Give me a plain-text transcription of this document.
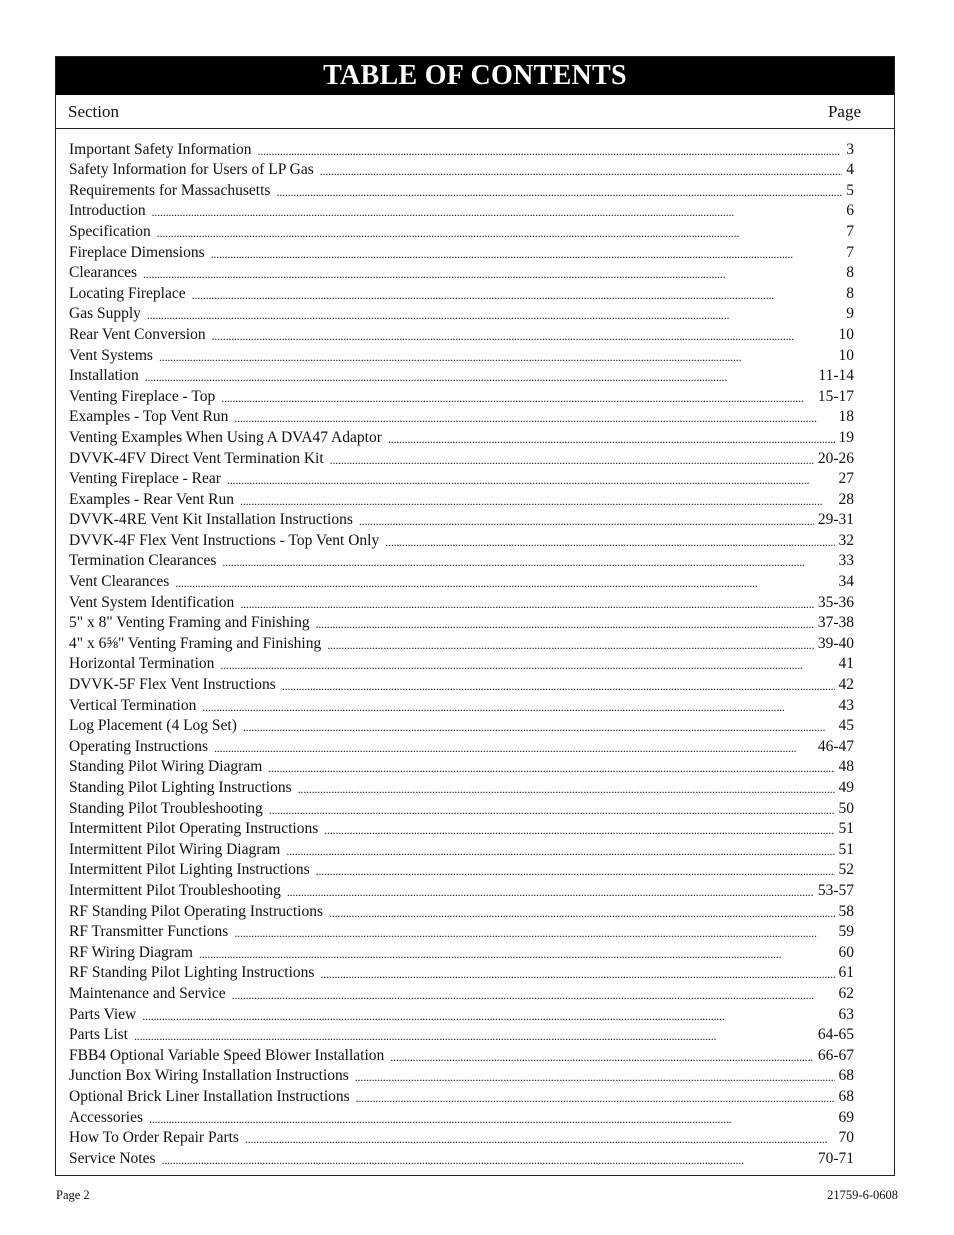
TABLE OF CONTENTS
Section	Page
Important Safety Information . . .	3
Safety Information for Users of LP Gas . . .	4
Requirements for Massachusetts . . .	5
Introduction . . .	6
Specification . . .	7
Fireplace Dimensions . . .	7
Clearances . . .	8
Locating Fireplace . . .	8
Gas Supply . . .	9
Rear Vent Conversion . . .	10
Vent Systems . . .	10
Installation . . .	11-14
Venting Fireplace - Top . . .	15-17
Examples - Top Vent Run . . .	18
Venting Examples When Using A DVA47 Adaptor . . .	19
DVVK-4FV Direct Vent Termination Kit . . .	20-26
Venting Fireplace - Rear . . .	27
Examples - Rear Vent Run . . .	28
DVVK-4RE Vent Kit Installation Instructions . . .	29-31
DVVK-4F Flex Vent Instructions - Top Vent Only . . .	32
Termination Clearances . . .	33
Vent Clearances . . .	34
Vent System Identification . . .	35-36
5" x 8" Venting Framing and Finishing . . .	37-38
4" x 6⅝" Venting Framing and Finishing . . .	39-40
Horizontal Termination . . .	41
DVVK-5F Flex Vent Instructions . . .	42
Vertical Termination . . .	43
Log Placement (4 Log Set) . . .	45
Operating Instructions . . .	46-47
Standing Pilot Wiring Diagram . . .	48
Standing Pilot Lighting Instructions . . .	49
Standing Pilot Troubleshooting . . .	50
Intermittent Pilot Operating Instructions . . .	51
Intermittent Pilot Wiring Diagram . . .	51
Intermittent Pilot Lighting Instructions . . .	52
Intermittent Pilot Troubleshooting . . .	53-57
RF Standing Pilot Operating Instructions . . .	58
RF Transmitter Functions . . .	59
RF Wiring Diagram . . .	60
RF Standing Pilot Lighting Instructions . . .	61
Maintenance and Service . . .	62
Parts View . . .	63
Parts List . . .	64-65
FBB4 Optional Variable Speed Blower Installation . . .	66-67
Junction Box Wiring Installation Instructions . . .	68
Optional Brick Liner Installation Instructions . . .	68
Accessories . . .	69
How To Order Repair Parts . . .	70
Service Notes . . .	70-71
Page 2	21759-6-0608
